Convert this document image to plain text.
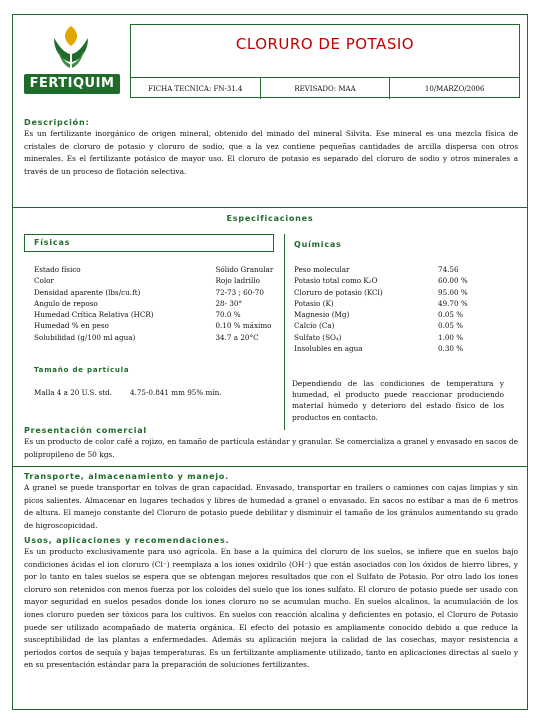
FERTIQUIM
CLORURO DE POTASIO
FICHA TECNICA: FN-31.4	REVISADO: MAA	10/MARZO/2006
Descripción:
Es un fertilizante inorgánico de origen mineral, obtenido del minado del mineral Silvita. Ese mineral es una mezcla física de cristales de cloruro de potasio y cloruro de sodio, que a la vez contiene pequeñas cantidades de arcilla dispersa con otros minerales. Es el fertilizante potásico de mayor uso. El cloruro de potasio es separado del cloruro de sodio y otros minerales a través de un proceso de flotación selectiva.
Especificaciones
Físicas	Químicas
Estado físico	Sólido Granular
Color	Rojo ladrillo
Densidad aparente (lbs/cu.ft)	72-73 ; 60-70
Angulo de reposo	28- 30°
Humedad Crítica Relativa (HCR)	70.0 %
Humedad % en peso	0.10 % máximo
Solubilidad (g/100 ml agua)	34.7 a 20°C
Peso molecular	74.56
Potasio total como K₂O	60.00 %
Cloruro de potasio (KCl)	95.00 %
Potasio (K)	49.70 %
Magnesio (Mg)	0.05 %
Calcio (Ca)	0.05 %
Sulfato (SO₄)	1.00 %
Insolubles en agua	0.30 %
Tamaño de partícula
Malla 4 a 20 U.S. std.	4.75-0.841 mm 95% mín.
Dependiendo de las condiciones de temperatura y humedad, el producto puede reaccionar produciendo material húmedo y deterioro del estado físico de los productos en contacto.
Presentación comercial
Es un producto de color café a rojizo, en tamaño de partícula estándar y granular. Se comercializa a granel y envasado en sacos de polipropileno de 50 kgs.
Transporte, almacenamiento y manejo.
A granel se puede transportar en tolvas de gran capacidad. Envasado, transportar en trailers o camiones con cajas limpias y sin picos salientes. Almacenar en lugares techados y libres de humedad a granel o envasado. En sacos no estibar a mas de 6 metros de altura. El manejo constante del Cloruro de potasio puede debilitar y disminuir el tamaño de los gránulos aumentando su grado de higroscopicidad.
Usos, aplicaciones y recomendaciones.
Es un producto exclusivamente para uso agrícola. En base a la química del cloruro de los suelos, se infiere que en suelos bajo condiciones ácidas el ion cloruro (Cl⁻) reemplaza a los iones oxidrilo (OH⁻) que están asociados con los óxidos de hierro libres, y por lo tanto en tales suelos se espera que se obtengan mejores resultados que con el Sulfato de Potasio. Por otro lado los iones cloruro son retenidos con menos fuerza por los coloides del suelo que los iones sulfato. El cloruro de potasio puede ser usado con mayor seguridad en suelos pesados donde los iones cloruro no se acumulan mucho. En suelos alcalinos, la acumulación de los iones cloruro pueden ser tóxicos para los cultivos. En suelos con reacción alcalina y deficientes en potasio, el Cloruro de Potasio puede ser utilizado acompañado de materia orgánica. El efecto del potasio es ampliamente conocido debido a que reduce la susceptibilidad de las plantas a enfermedades. Además su aplicación mejora la calidad de las cosechas, mayor resistencia a periodos cortos de sequía y bajas temperaturas. Es un fertilizante ampliamente utilizado, tanto en aplicaciones directas al suelo y en su presentación estándar para la preparación de soluciones fertilizantes.
